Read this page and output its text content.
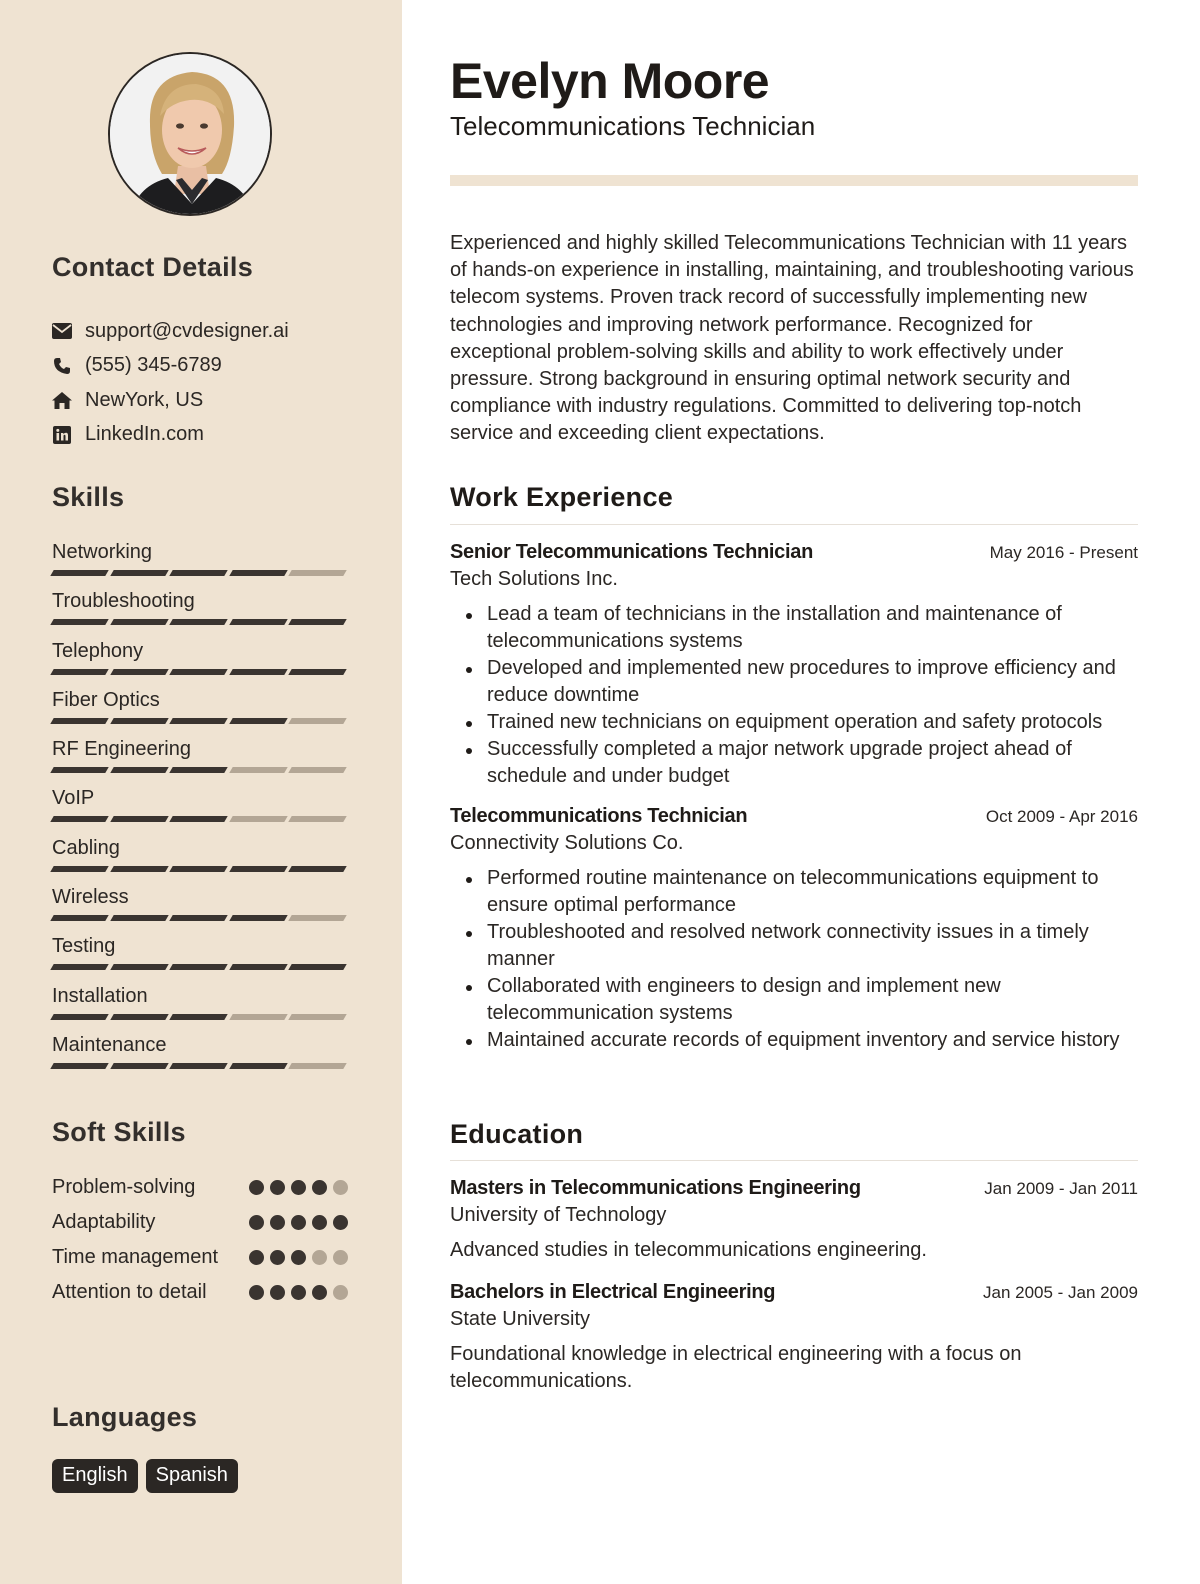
Contact Details
support@cvdesigner.ai
(555) 345-6789
NewYork, US
LinkedIn.com
Skills
Networking
Troubleshooting
Telephony
Fiber Optics
RF Engineering
VoIP
Cabling
Wireless
Testing
Installation
Maintenance
Soft Skills
Problem-solving
Adaptability
Time management
Attention to detail
Languages
English	Spanish
Evelyn Moore
Telecommunications Technician

Experienced and highly skilled Telecommunications Technician with 11 years of hands-on experience in installing, maintaining, and troubleshooting various telecom systems. Proven track record of successfully implementing new technologies and improving network performance. Recognized for exceptional problem-solving skills and ability to work effectively under pressure. Strong background in ensuring optimal network security and compliance with industry regulations. Committed to delivering top-notch service and exceeding client expectations.

Work Experience
Senior Telecommunications Technician	May 2016 - Present
Tech Solutions Inc.
Lead a team of technicians in the installation and maintenance of telecommunications systems
Developed and implemented new procedures to improve efficiency and reduce downtime
Trained new technicians on equipment operation and safety protocols
Successfully completed a major network upgrade project ahead of schedule and under budget
Telecommunications Technician	Oct 2009 - Apr 2016
Connectivity Solutions Co.
Performed routine maintenance on telecommunications equipment to ensure optimal performance
Troubleshooted and resolved network connectivity issues in a timely manner
Collaborated with engineers to design and implement new telecommunication systems
Maintained accurate records of equipment inventory and service history
Education
Masters in Telecommunications Engineering	Jan 2009 - Jan 2011
University of Technology
Advanced studies in telecommunications engineering.
Bachelors in Electrical Engineering	Jan 2005 - Jan 2009
State University
Foundational knowledge in electrical engineering with a focus on telecommunications.
